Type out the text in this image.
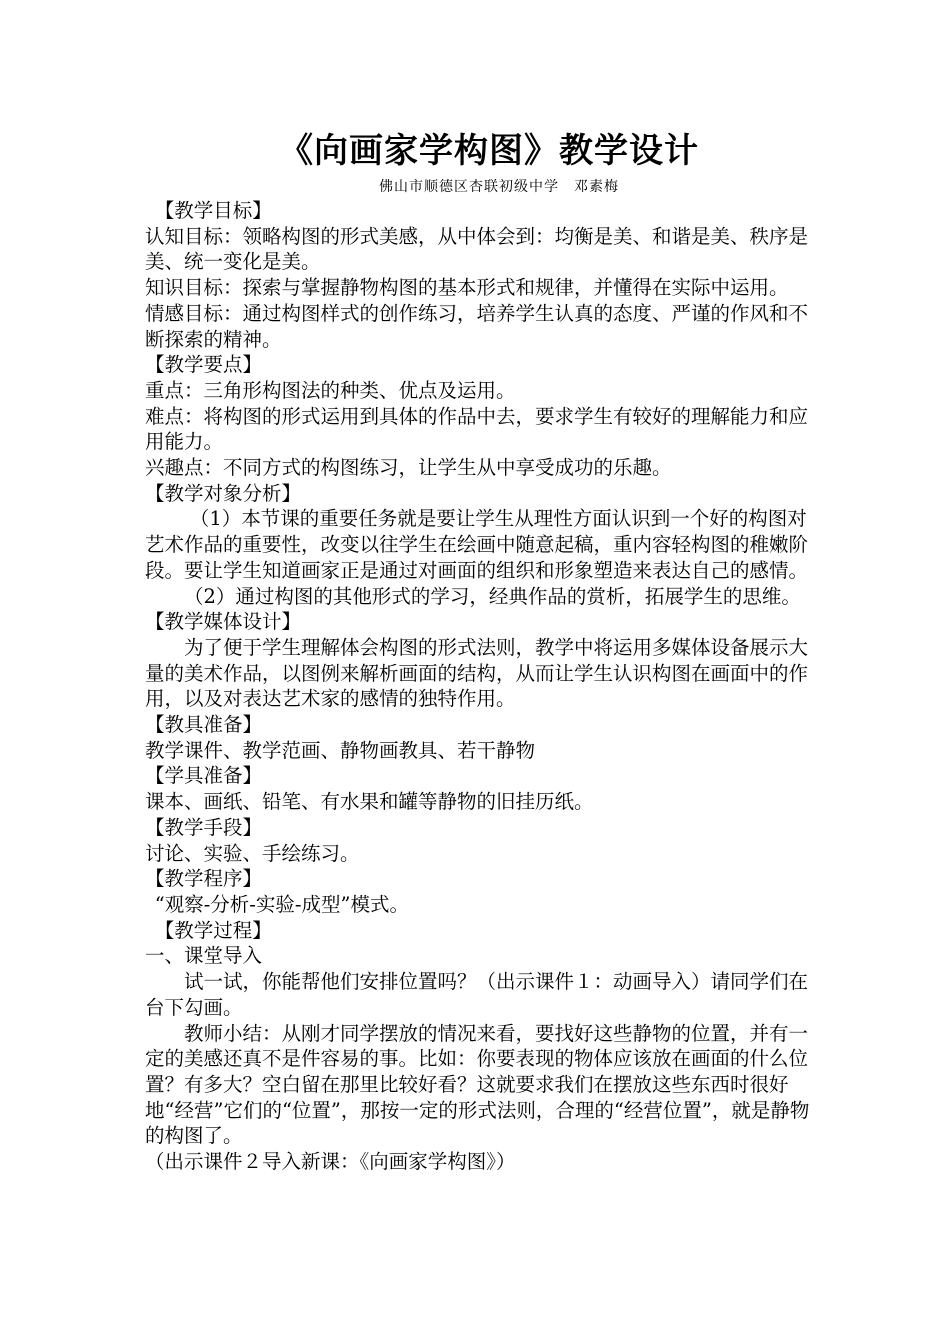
《向画家学构图》教学设计

佛山市顺德区杏联初级中学　邓素梅

【教学目标】

认知目标：领略构图的形式美感，从中体会到：均衡是美、和谐是美、秩序是美、统一变化是美。

知识目标：探索与掌握静物构图的基本形式和规律，并懂得在实际中运用。

情感目标：通过构图样式的创作练习，培养学生认真的态度、严谨的作风和不断探索的精神。

【教学要点】

重点：三角形构图法的种类、优点及运用。

难点：将构图的形式运用到具体的作品中去，要求学生有较好的理解能力和应用能力。

兴趣点：不同方式的构图练习，让学生从中享受成功的乐趣。

【教学对象分析】

（1）本节课的重要任务就是要让学生从理性方面认识到一个好的构图对艺术作品的重要性，改变以往学生在绘画中随意起稿，重内容轻构图的稚嫩阶段。要让学生知道画家正是通过对画面的组织和形象塑造来表达自己的感情。

（2）通过构图的其他形式的学习，经典作品的赏析，拓展学生的思维。

【教学媒体设计】

为了便于学生理解体会构图的形式法则，教学中将运用多媒体设备展示大量的美术作品，以图例来解析画面的结构，从而让学生认识构图在画面中的作用，以及对表达艺术家的感情的独特作用。

【教具准备】

教学课件、教学范画、静物画教具、若干静物

【学具准备】

课本、画纸、铅笔、有水果和罐等静物的旧挂历纸。

【教学手段】

讨论、实验、手绘练习。

【教学程序】

“观察-分析-实验-成型”模式。

【教学过程】

一、课堂导入

试一试，你能帮他们安排位置吗？（出示课件１：动画导入）请同学们在台下勾画。

教师小结：从刚才同学摆放的情况来看，要找好这些静物的位置，并有一定的美感还真不是件容易的事。比如：你要表现的物体应该放在画面的什么位置？有多大？空白留在那里比较好看？这就要求我们在摆放这些东西时很好地“经营”它们的“位置”，那按一定的形式法则，合理的“经营位置”，就是静物的构图了。

（出示课件２导入新课：《向画家学构图》）
